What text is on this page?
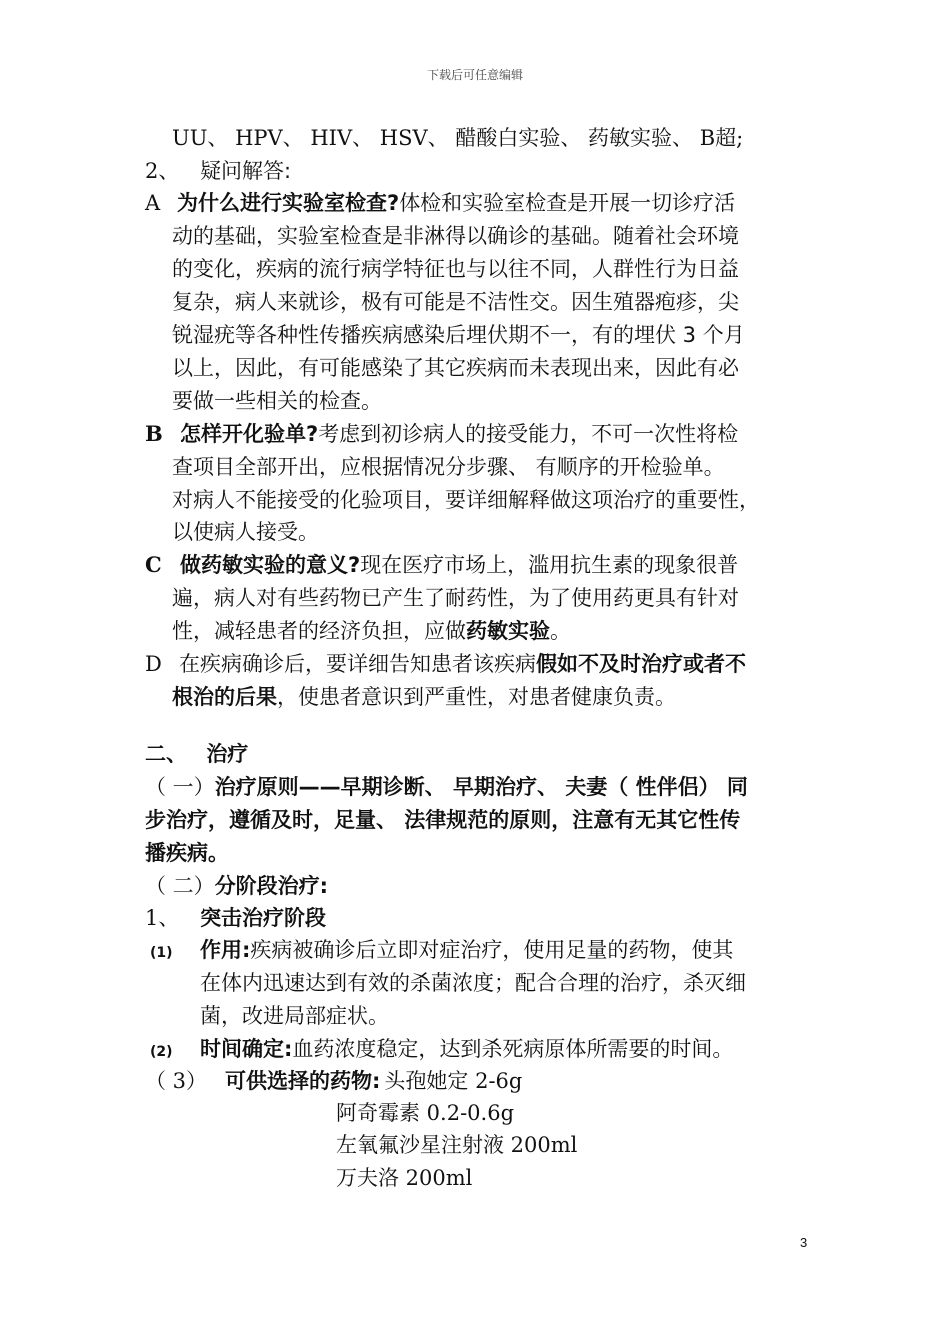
下载后可任意编辑
UU、 HPV、 HIV、 HSV、 醋酸白实验、 药敏实验、 B超;
2、 疑问解答:
A 为什么进行实验室检查?体检和实验室检查是开展一切诊疗活
动的基础，实验室检查是非淋得以确诊的基础。随着社会环境
的变化，疾病的流行病学特征也与以往不同，人群性行为日益
复杂，病人来就诊，极有可能是不洁性交。因生殖器疱疹，尖
锐湿疣等各种性传播疾病感染后埋伏期不一，有的埋伏 3 个月
以上，因此，有可能感染了其它疾病而未表现出来，因此有必
要做一些相关的检查。
B 怎样开化验单?考虑到初诊病人的接受能力，不可一次性将检
查项目全部开出，应根据情况分步骤、 有顺序的开检验单。
对病人不能接受的化验项目，要详细解释做这项治疗的重要性，
以使病人接受。
C 做药敏实验的意义?现在医疗市场上，滥用抗生素的现象很普
遍，病人对有些药物已产生了耐药性，为了使用药更具有针对
性，减轻患者的经济负担，应做药敏实验。
D 在疾病确诊后，要详细告知患者该疾病假如不及时治疗或者不
根治的后果，使患者意识到严重性，对患者健康负责。
二、 治疗
（ 一）治疗原则——早期诊断、 早期治疗、 夫妻（ 性伴侣） 同
步治疗，遵循及时，足量、 法律规范的原则，注意有无其它性传
播疾病。
（ 二）分阶段治疗:
1、 突击治疗阶段
(1) 作用:疾病被确诊后立即对症治疗，使用足量的药物，使其
在体内迅速达到有效的杀菌浓度；配合合理的治疗，杀灭细
菌，改进局部症状。
(2) 时间确定:血药浓度稳定，达到杀死病原体所需要的时间。
（ 3） 可供选择的药物: 头孢她定 2-6g
阿奇霉素 0.2-0.6g
左氧氟沙星注射液 200ml
万夫洛 200ml
3
